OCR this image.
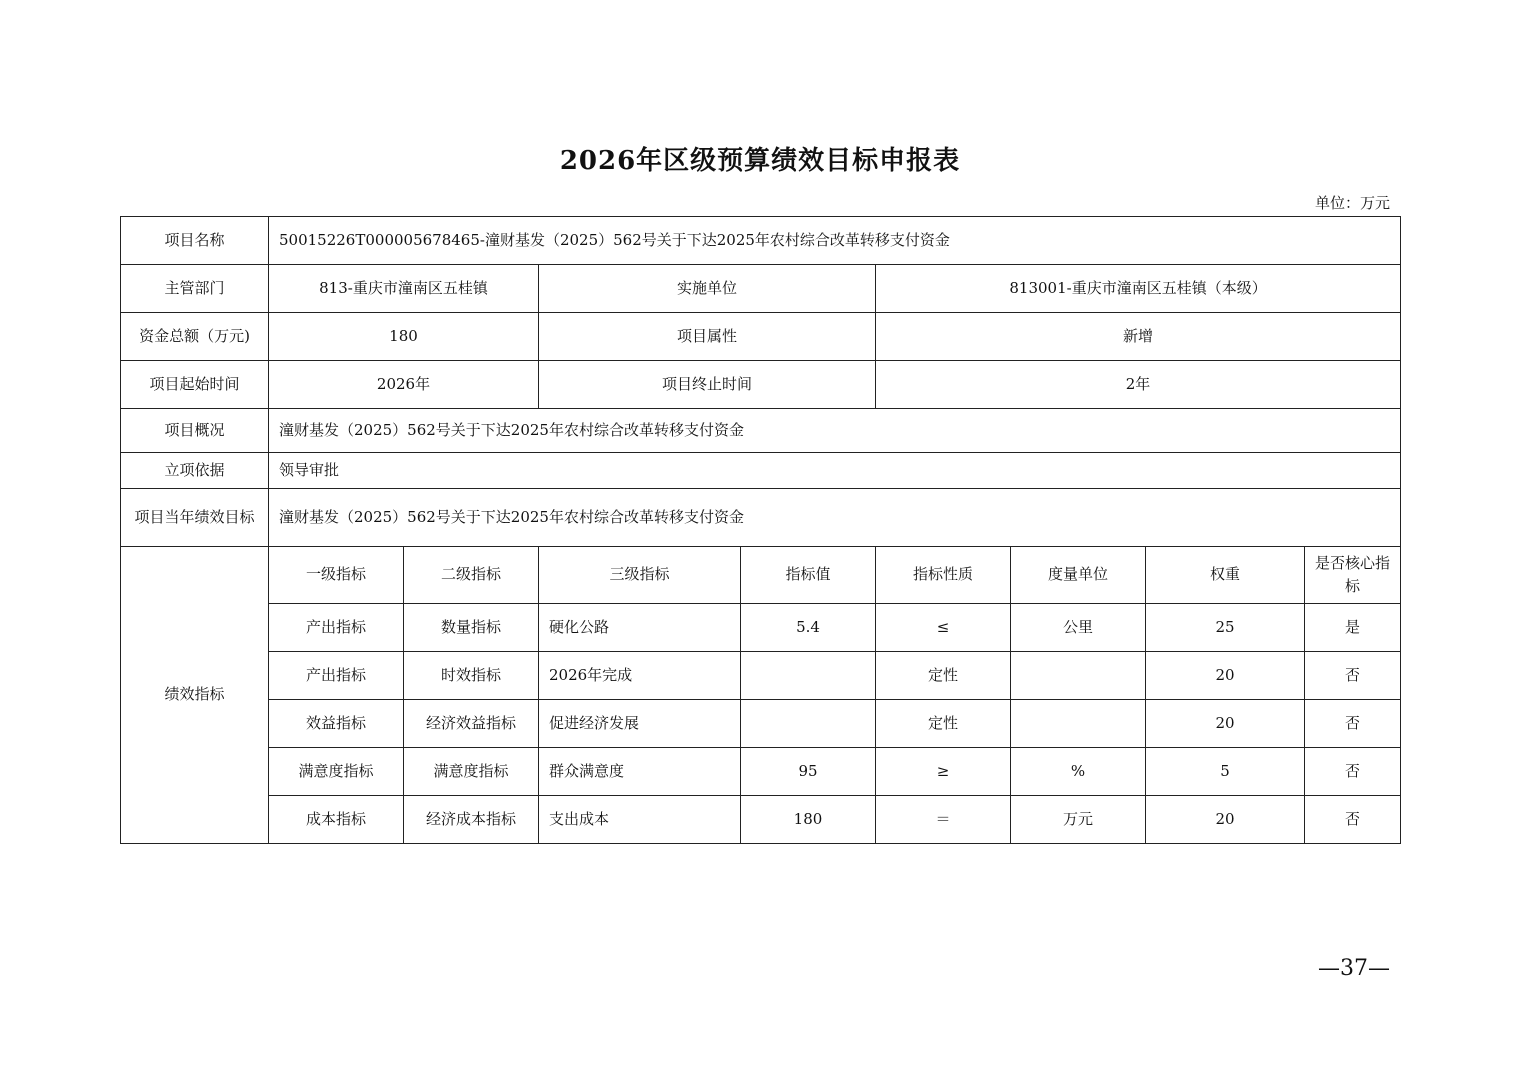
2026年区级预算绩效目标申报表
单位：万元
项目名称	50015226T000005678465-潼财基发（2025）562号关于下达2025年农村综合改革转移支付资金							
主管部门	813-重庆市潼南区五桂镇		实施单位		813001-重庆市潼南区五桂镇（本级）			
资金总额（万元)	180		项目属性		新增			
项目起始时间	2026年		项目终止时间		2年			
项目概况	潼财基发（2025）562号关于下达2025年农村综合改革转移支付资金							
立项依据	领导审批							
项目当年绩效目标	潼财基发（2025）562号关于下达2025年农村综合改革转移支付资金							
绩效指标	一级指标	二级指标	三级指标	指标值	指标性质	度量单位	权重	是否核心指标
	产出指标	数量指标	硬化公路	5.4	≤	公里	25	是
	产出指标	时效指标	2026年完成		定性		20	否
	效益指标	经济效益指标	促进经济发展		定性		20	否
	满意度指标	满意度指标	群众满意度	95	≥	%	5	否
	成本指标	经济成本指标	支出成本	180	＝	万元	20	否
—37—
